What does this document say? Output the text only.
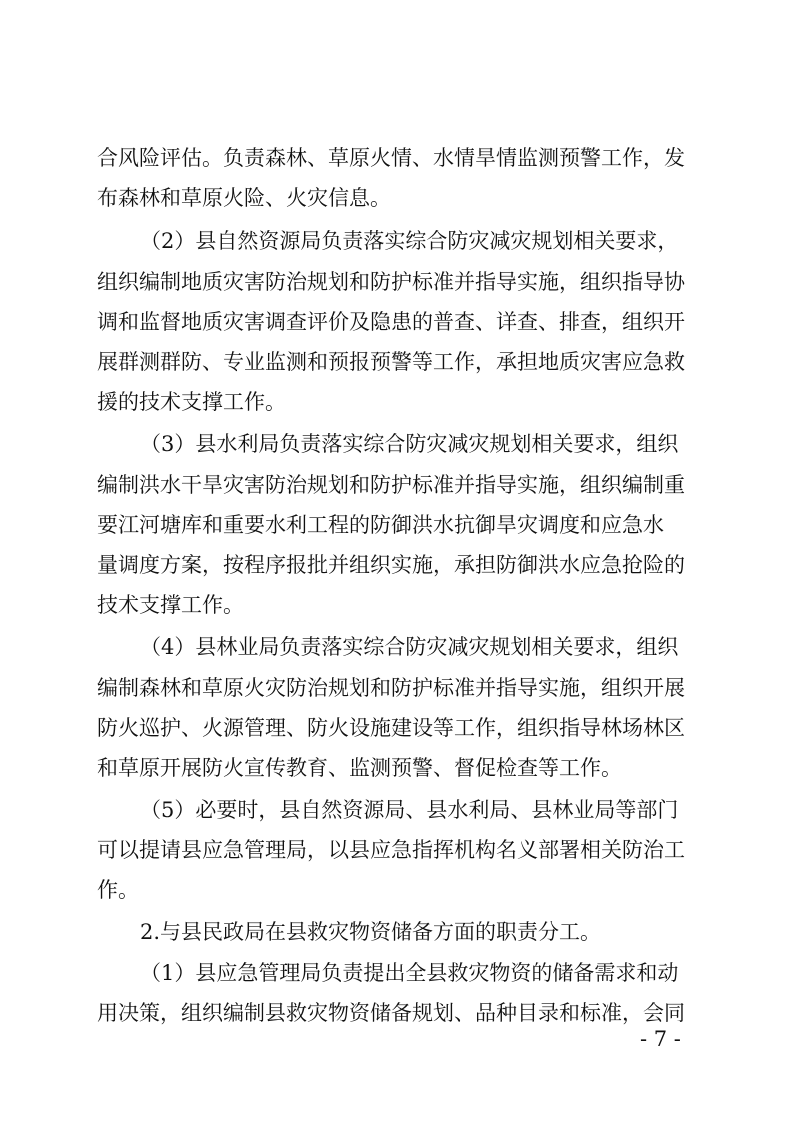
合风险评估。负责森林、草原火情、水情旱情监测预警工作，发
布森林和草原火险、火灾信息。
（2）县自然资源局负责落实综合防灾减灾规划相关要求，
组织编制地质灾害防治规划和防护标准并指导实施，组织指导协
调和监督地质灾害调查评价及隐患的普查、详查、排查，组织开
展群测群防、专业监测和预报预警等工作，承担地质灾害应急救
援的技术支撑工作。
（3）县水利局负责落实综合防灾减灾规划相关要求，组织
编制洪水干旱灾害防治规划和防护标准并指导实施，组织编制重
要江河塘库和重要水利工程的防御洪水抗御旱灾调度和应急水
量调度方案，按程序报批并组织实施，承担防御洪水应急抢险的
技术支撑工作。
（4）县林业局负责落实综合防灾减灾规划相关要求，组织
编制森林和草原火灾防治规划和防护标准并指导实施，组织开展
防火巡护、火源管理、防火设施建设等工作，组织指导林场林区
和草原开展防火宣传教育、监测预警、督促检查等工作。
（5）必要时，县自然资源局、县水利局、县林业局等部门
可以提请县应急管理局，以县应急指挥机构名义部署相关防治工
作。
2.与县民政局在县救灾物资储备方面的职责分工。
（1）县应急管理局负责提出全县救灾物资的储备需求和动
用决策，组织编制县救灾物资储备规划、品种目录和标准，会同
- 7 -
